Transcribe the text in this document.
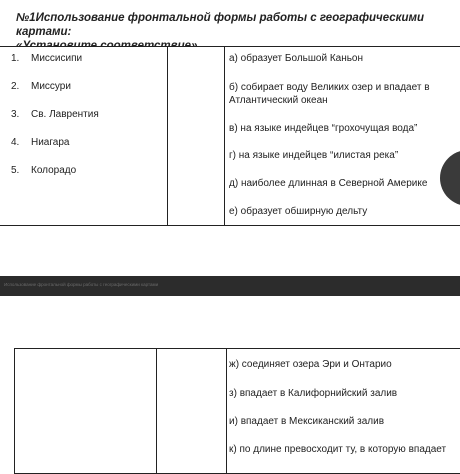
№1Использование фронтальной формы работы с географическими картами:
1. Миссисипи
2. Миссури
3. Св. Лаврентия
4. Ниагара
5. Колорадо
а) образует Большой Каньон
б) собирает воду Великих озер и впадает в
Атлантический океан
в) на языке индейцев “грохочущая вода”
г) на языке индейцев “илистая река”
д) наиболее длинная в Северной Америке
е) образует обширную дельту
Использование фронтальной формы работы с географическими картами
ж) соединяет озера Эри и Онтарио
з) впадает в Калифорнийский залив
и) впадает в Мексиканский залив
к) по длине превосходит ту, в которую впадает
